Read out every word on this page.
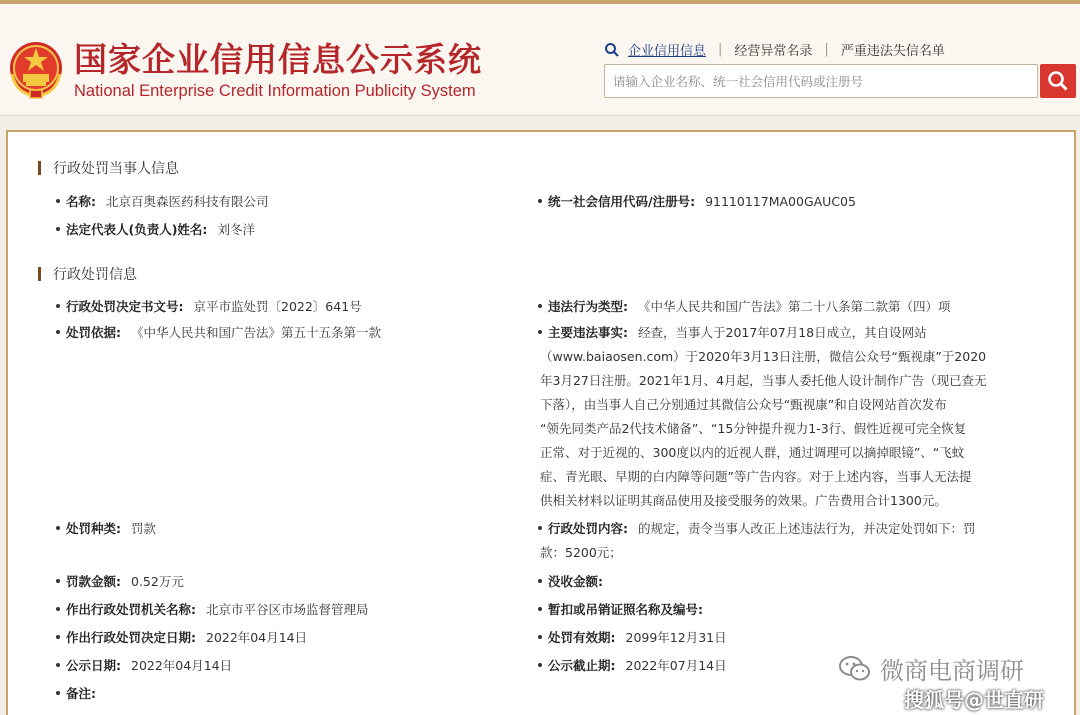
国家企业信用信息公示系统
National Enterprise Credit Information Publicity System
企业信用信息 | 经营异常名录 | 严重违法失信名单
请输入企业名称、统一社会信用代码或注册号
行政处罚当事人信息
名称: 北京百奥森医药科技有限公司	统一社会信用代码/注册号: 91110117MA00GAUC05
法定代表人(负责人)姓名: 刘冬洋
行政处罚信息
行政处罚决定书文号: 京平市监处罚〔2022〕641号	违法行为类型: 《中华人民共和国广告法》第二十八条第二款第（四）项
处罚依据: 《中华人民共和国广告法》第五十五条第一款	主要违法事实: 经查，当事人于2017年07月18日成立，其自设网站
（www.baiaosen.com）于2020年3月13日注册，微信公众号“甄视康”于2020
年3月27日注册。2021年1月、4月起，当事人委托他人设计制作广告（现已查无
下落），由当事人自己分别通过其微信公众号“甄视康”和自设网站首次发布
“领先同类产品2代技术储备”、“15分钟提升视力1-3行、假性近视可完全恢复
正常、对于近视的、300度以内的近视人群，通过调理可以摘掉眼镜”、“飞蚊
症、青光眼、早期的白内障等问题”等广告内容。对于上述内容，当事人无法提
供相关材料以证明其商品使用及接受服务的效果。广告费用合计1300元。
处罚种类: 罚款	行政处罚内容: 的规定，责令当事人改正上述违法行为，并决定处罚如下：罚
款：5200元；
罚款金额: 0.52万元	没收金额:
作出行政处罚机关名称: 北京市平谷区市场监督管理局	暂扣或吊销证照名称及编号:
作出行政处罚决定日期: 2022年04月14日	处罚有效期: 2099年12月31日
公示日期: 2022年04月14日	公示截止期: 2022年07月14日
备注:
微商电商调研
搜狐号@世直研
